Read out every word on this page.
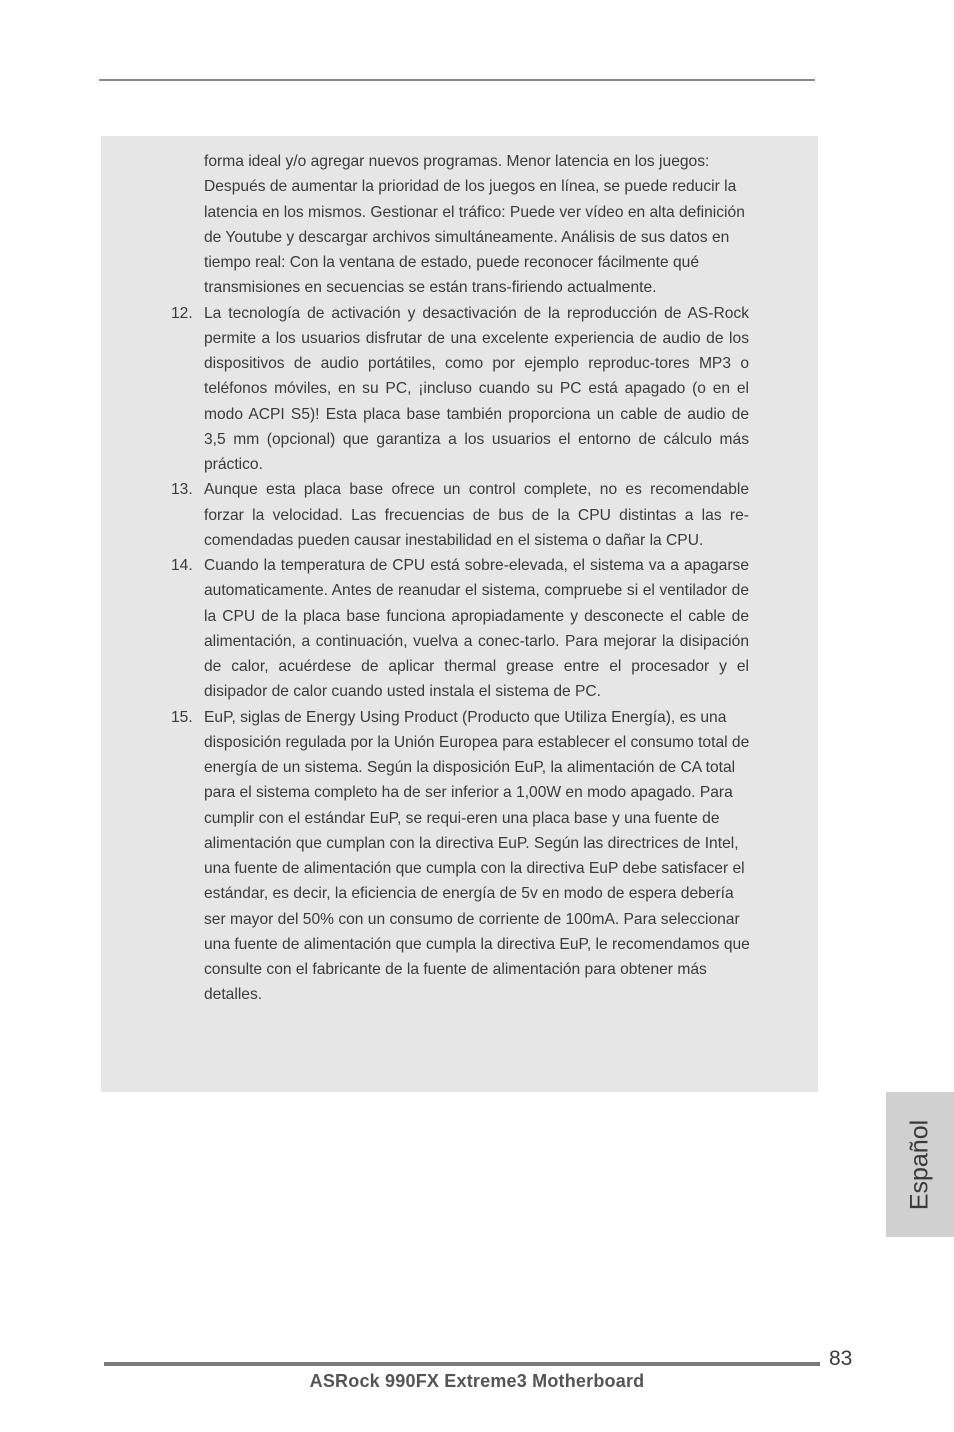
forma ideal y/o agregar nuevos programas. Menor latencia en los juegos: Después de aumentar la prioridad de los juegos en línea, se puede reducir la latencia en los mismos. Gestionar el tráfico: Puede ver vídeo en alta definición de Youtube y descargar archivos simultáneamente. Análisis de sus datos en tiempo real: Con la ventana de estado, puede reconocer fácilmente qué transmisiones en secuencias se están trans-firiendo actualmente.

12. La tecnología de activación y desactivación de la reproducción de AS-Rock permite a los usuarios disfrutar de una excelente experiencia de audio de los dispositivos de audio portátiles, como por ejemplo reproduc-tores MP3 o teléfonos móviles, en su PC, ¡incluso cuando su PC está apagado (o en el modo ACPI S5)! Esta placa base también proporciona un cable de audio de 3,5 mm (opcional) que garantiza a los usuarios el entorno de cálculo más práctico.

13. Aunque esta placa base ofrece un control complete, no es recomendable forzar la velocidad. Las frecuencias de bus de la CPU distintas a las re-comendadas pueden causar inestabilidad en el sistema o dañar la CPU.

14. Cuando la temperatura de CPU está sobre-elevada, el sistema va a apagarse automaticamente. Antes de reanudar el sistema, compruebe si el ventilador de la CPU de la placa base funciona apropiadamente y desconecte el cable de alimentación, a continuación, vuelva a conec-tarlo. Para mejorar la disipación de calor, acuérdese de aplicar thermal grease entre el procesador y el disipador de calor cuando usted instala el sistema de PC.

15. EuP, siglas de Energy Using Product (Producto que Utiliza Energía), es una disposición regulada por la Unión Europea para establecer el consumo total de energía de un sistema. Según la disposición EuP, la alimentación de CA total para el sistema completo ha de ser inferior a 1,00W en modo apagado. Para cumplir con el estándar EuP, se requi-eren una placa base y una fuente de alimentación que cumplan con la directiva EuP. Según las directrices de Intel, una fuente de alimentación que cumpla con la directiva EuP debe satisfacer el estándar, es decir, la eficiencia de energía de 5v en modo de espera debería ser mayor del 50% con un consumo de corriente de 100mA. Para seleccionar una fuente de alimentación que cumpla la directiva EuP, le recomendamos que consulte con el fabricante de la fuente de alimentación para obtener más detalles.

Español
83
ASRock 990FX Extreme3 Motherboard
